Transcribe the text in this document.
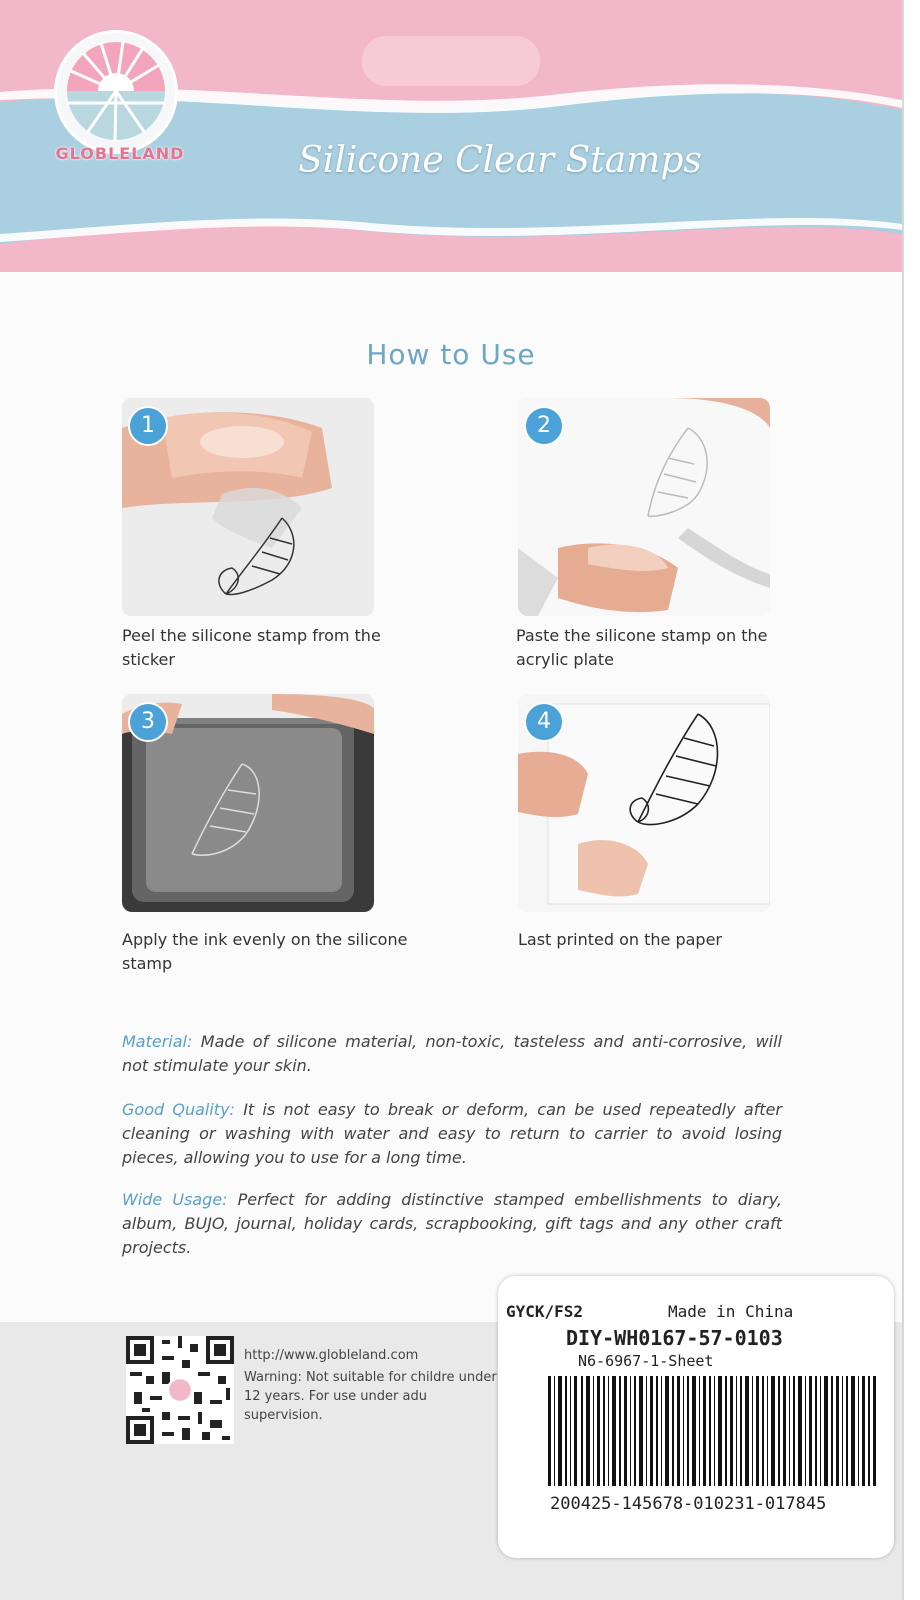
GLOBLELAND	Silicone Clear Stamps
How to Use
1
Peel the silicone stamp from the sticker
2
Paste the silicone stamp on the acrylic plate
3
Apply the ink evenly on the silicone stamp
4
Last printed on the paper
Material: Made of silicone material, non-toxic, tasteless and anti-corrosive, will not stimulate your skin.
Good Quality: It is not easy to break or deform, can be used repeatedly after cleaning or washing with water and easy to return to carrier to avoid losing pieces, allowing you to use for a long time.
Wide Usage: Perfect for adding distinctive stamped embellishments to diary, album, BUJO, journal, holiday cards, scrapbooking, gift tags and any other craft projects.
http://www.globleland.com
Warning: Not suitable for childre under 12 years. For use under adu supervision.
GYCK/FS2	Made in China
DIY-WH0167-57-0103
N6-6967-1-Sheet
200425-145678-010231-017845
